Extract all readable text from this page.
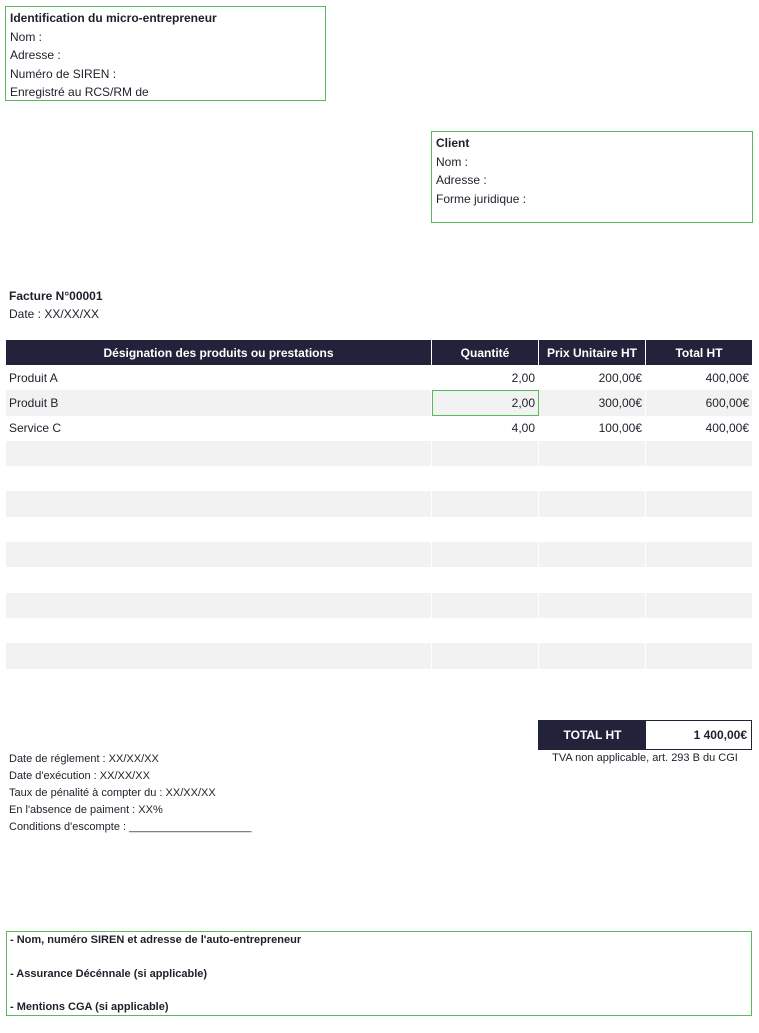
Identification du micro-entrepreneur
Nom :
Adresse :
Numéro de SIREN :
Enregistré au RCS/RM de
Client
Nom :
Adresse :
Forme juridique :
Facture N°00001
Date : XX/XX/XX
Désignation des produits ou prestations	Quantité	Prix Unitaire HT	Total HT
Produit A	2,00	200,00€	400,00€
Produit B	2,00	300,00€	600,00€
Service C	4,00	100,00€	400,00€
TOTAL HT	1 400,00€
TVA non applicable, art. 293 B du CGI
Date de réglement : XX/XX/XX
Date d'exécution : XX/XX/XX
Taux de pénalité à compter du : XX/XX/XX
En l'absence de paiment : XX%
Conditions d'escompte : ____________________
- Nom, numéro SIREN et adresse de l'auto-entrepreneur
- Assurance Décénnale (si applicable)
- Mentions CGA (si applicable)
